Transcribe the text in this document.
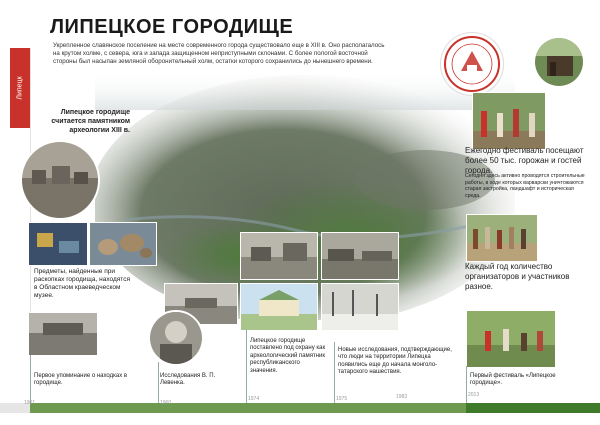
Липецк
ЛИПЕЦКОЕ ГОРОДИЩЕ
Укрепленное славянское поселение на месте современного города существовало еще в XIII в. Оно располагалось на крутом холме, с севера, юга и запада защищенном неприступными склонами. С более пологой восточной стороны был насыпан земляной оборонительный холм, остатки которого сохранились до нынешнего времени.
Ежегодно фестиваль посещают более 50 тыс. горожан и гостей города.
Сегодня здесь активно проводятся строительные работы, в ходе которых варварски уничтожаются старая застройка, ландшафт и историческая среда.
Каждый год количество организаторов и участников разное.
Липецкое городище считается памятником археологии XIII в.
Предметы, найденные при раскопках городища, находятся в Областном краеведческом музее.
Первое упоминание о находках в городище.
Исследования В. П. Левенка.
Липецкое городище поставлено под охрану как археологический памятник республиканского значения.
Новые исследования, подтверждающие, что люди на территории Липецка появились еще до начала монголо-татарского нашествия.
Первый фестиваль «Липецкое городище».
1901	1960
1974	1975	1983	2013
